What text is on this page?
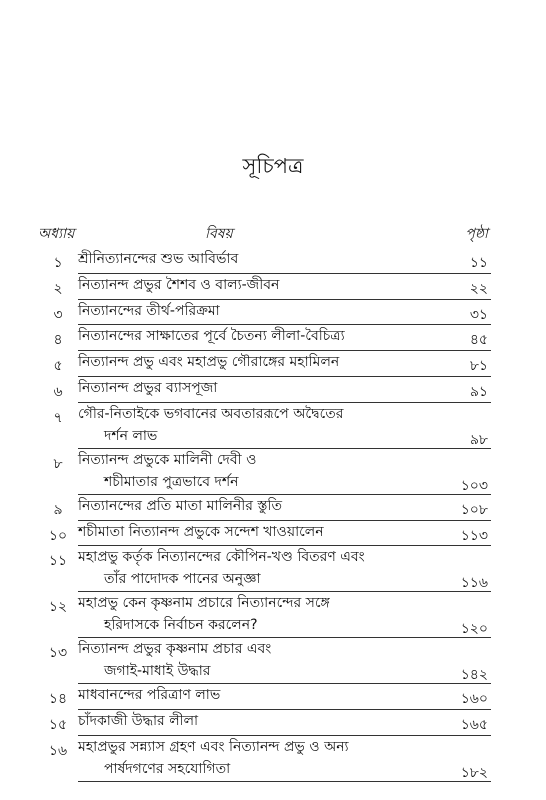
সূচিপত্র
অধ্যায়	বিষয়	পৃষ্ঠা
১	শ্রীনিত্যানন্দের শুভ আবির্ভাব	১১
২	নিত্যানন্দ প্রভুর শৈশব ও বাল্য-জীবন	২২
৩	নিত্যানন্দের তীর্থ-পরিক্রমা	৩১
৪	নিত্যানন্দের সাক্ষাতের পূর্বে চৈতন্য লীলা-বৈচিত্র্য	৪৫
৫	নিত্যানন্দ প্রভু এবং মহাপ্রভু গৌরাঙ্গের মহামিলন	৮১
৬	নিত্যানন্দ প্রভুর ব্যাসপূজা	৯১
৭	গৌর-নিতাইকে ভগবানের অবতাররূপে অদ্বৈতের
দর্শন লাভ	৯৮
৮	নিত্যানন্দ প্রভুকে মালিনী দেবী ও
শচীমাতার পুত্রভাবে দর্শন	১০৩
৯	নিত্যানন্দের প্রতি মাতা মালিনীর স্তুতি	১০৮
১০ শচীমাতা নিত্যানন্দ প্রভুকে সন্দেশ খাওয়ালেন	১১৩
১১ মহাপ্রভু কর্তৃক নিত্যানন্দের কৌপিন-খণ্ড বিতরণ এবং
তাঁর পাদোদক পানের অনুজ্ঞা	১১৬
১২ মহাপ্রভু কেন কৃষ্ণনাম প্রচারে নিত্যানন্দের সঙ্গে
হরিদাসকে নির্বাচন করলেন?	১২০
১৩ নিত্যানন্দ প্রভুর কৃষ্ণনাম প্রচার এবং
জগাই-মাধাই উদ্ধার	১৪২
১৪ মাধবানন্দের পরিত্রাণ লাভ	১৬০
১৫ চাঁদকাজী উদ্ধার লীলা	১৬৫
১৬ মহাপ্রভুর সন্ন্যাস গ্রহণ এবং নিত্যানন্দ প্রভু ও অন্য
পার্ষদগণের সহযোগিতা	১৮২
